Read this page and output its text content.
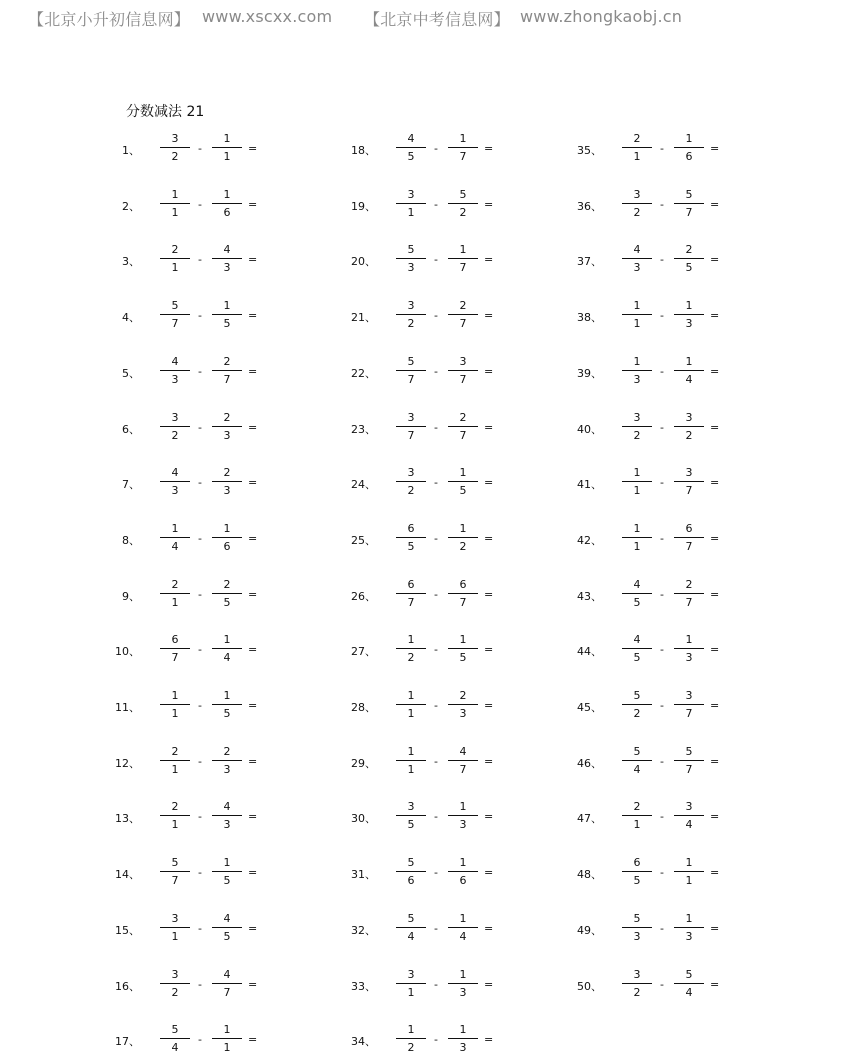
【北京小升初信息网】 www.xscxx.com 【北京中考信息网】 www.zhongkaobj.cn
分数减法 21
1、
3
2
-
1
1
=
2、
1
1
-
1
6
=
3、
2
1
-
4
3
=
4、
5
7
-
1
5
=
5、
4
3
-
2
7
=
6、
3
2
-
2
3
=
7、
4
3
-
2
3
=
8、
1
4
-
1
6
=
9、
2
1
-
2
5
=
10、
6
7
-
1
4
=
11、
1
1
-
1
5
=
12、
2
1
-
2
3
=
13、
2
1
-
4
3
=
14、
5
7
-
1
5
=
15、
3
1
-
4
5
=
16、
3
2
-
4
7
=
17、
5
4
-
1
1
=
18、
4
5
-
1
7
=
19、
3
1
-
5
2
=
20、
5
3
-
1
7
=
21、
3
2
-
2
7
=
22、
5
7
-
3
7
=
23、
3
7
-
2
7
=
24、
3
2
-
1
5
=
25、
6
5
-
1
2
=
26、
6
7
-
6
7
=
27、
1
2
-
1
5
=
28、
1
1
-
2
3
=
29、
1
1
-
4
7
=
30、
3
5
-
1
3
=
31、
5
6
-
1
6
=
32、
5
4
-
1
4
=
33、
3
1
-
1
3
=
34、
1
2
-
1
3
=
35、
2
1
-
1
6
=
36、
3
2
-
5
7
=
37、
4
3
-
2
5
=
38、
1
1
-
1
3
=
39、
1
3
-
1
4
=
40、
3
2
-
3
2
=
41、
1
1
-
3
7
=
42、
1
1
-
6
7
=
43、
4
5
-
2
7
=
44、
4
5
-
1
3
=
45、
5
2
-
3
7
=
46、
5
4
-
5
7
=
47、
2
1
-
3
4
=
48、
6
5
-
1
1
=
49、
5
3
-
1
3
=
50、
3
2
-
5
4
=
